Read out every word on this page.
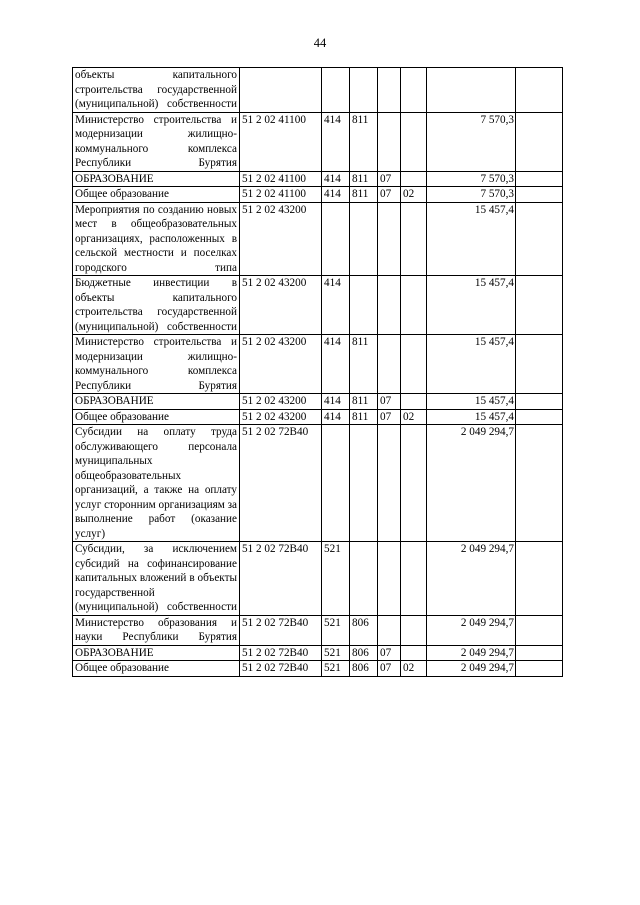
44
объекты капитального строительства государственной (муниципальной) собственности							
Министерство строительства и модернизации жилищно-коммунального комплекса Республики Бурятия	51 2 02 41100	414	811			7 570,3	
ОБРАЗОВАНИЕ	51 2 02 41100	414	811	07		7 570,3	
Общее образование	51 2 02 41100	414	811	07	02	7 570,3	
Мероприятия по созданию новых мест в общеобразовательных организациях, расположенных в сельской местности и поселках городского типа	51 2 02 43200					15 457,4	
Бюджетные инвестиции в объекты капитального строительства государственной (муниципальной) собственности	51 2 02 43200	414				15 457,4	
Министерство строительства и модернизации жилищно-коммунального комплекса Республики Бурятия	51 2 02 43200	414	811			15 457,4	
ОБРАЗОВАНИЕ	51 2 02 43200	414	811	07		15 457,4	
Общее образование	51 2 02 43200	414	811	07	02	15 457,4	
Субсидии на оплату труда обслуживающего персонала муниципальных общеобразовательных организаций, а также на оплату услуг сторонним организациям за выполнение работ (оказание услуг)	51 2 02 72В40					2 049 294,7	
Субсидии, за исключением субсидий на софинансирование капитальных вложений в объекты государственной (муниципальной) собственности	51 2 02 72В40	521				2 049 294,7	
Министерство образования и науки Республики Бурятия	51 2 02 72В40	521	806			2 049 294,7	
ОБРАЗОВАНИЕ	51 2 02 72В40	521	806	07		2 049 294,7	
Общее образование	51 2 02 72В40	521	806	07	02	2 049 294,7	
